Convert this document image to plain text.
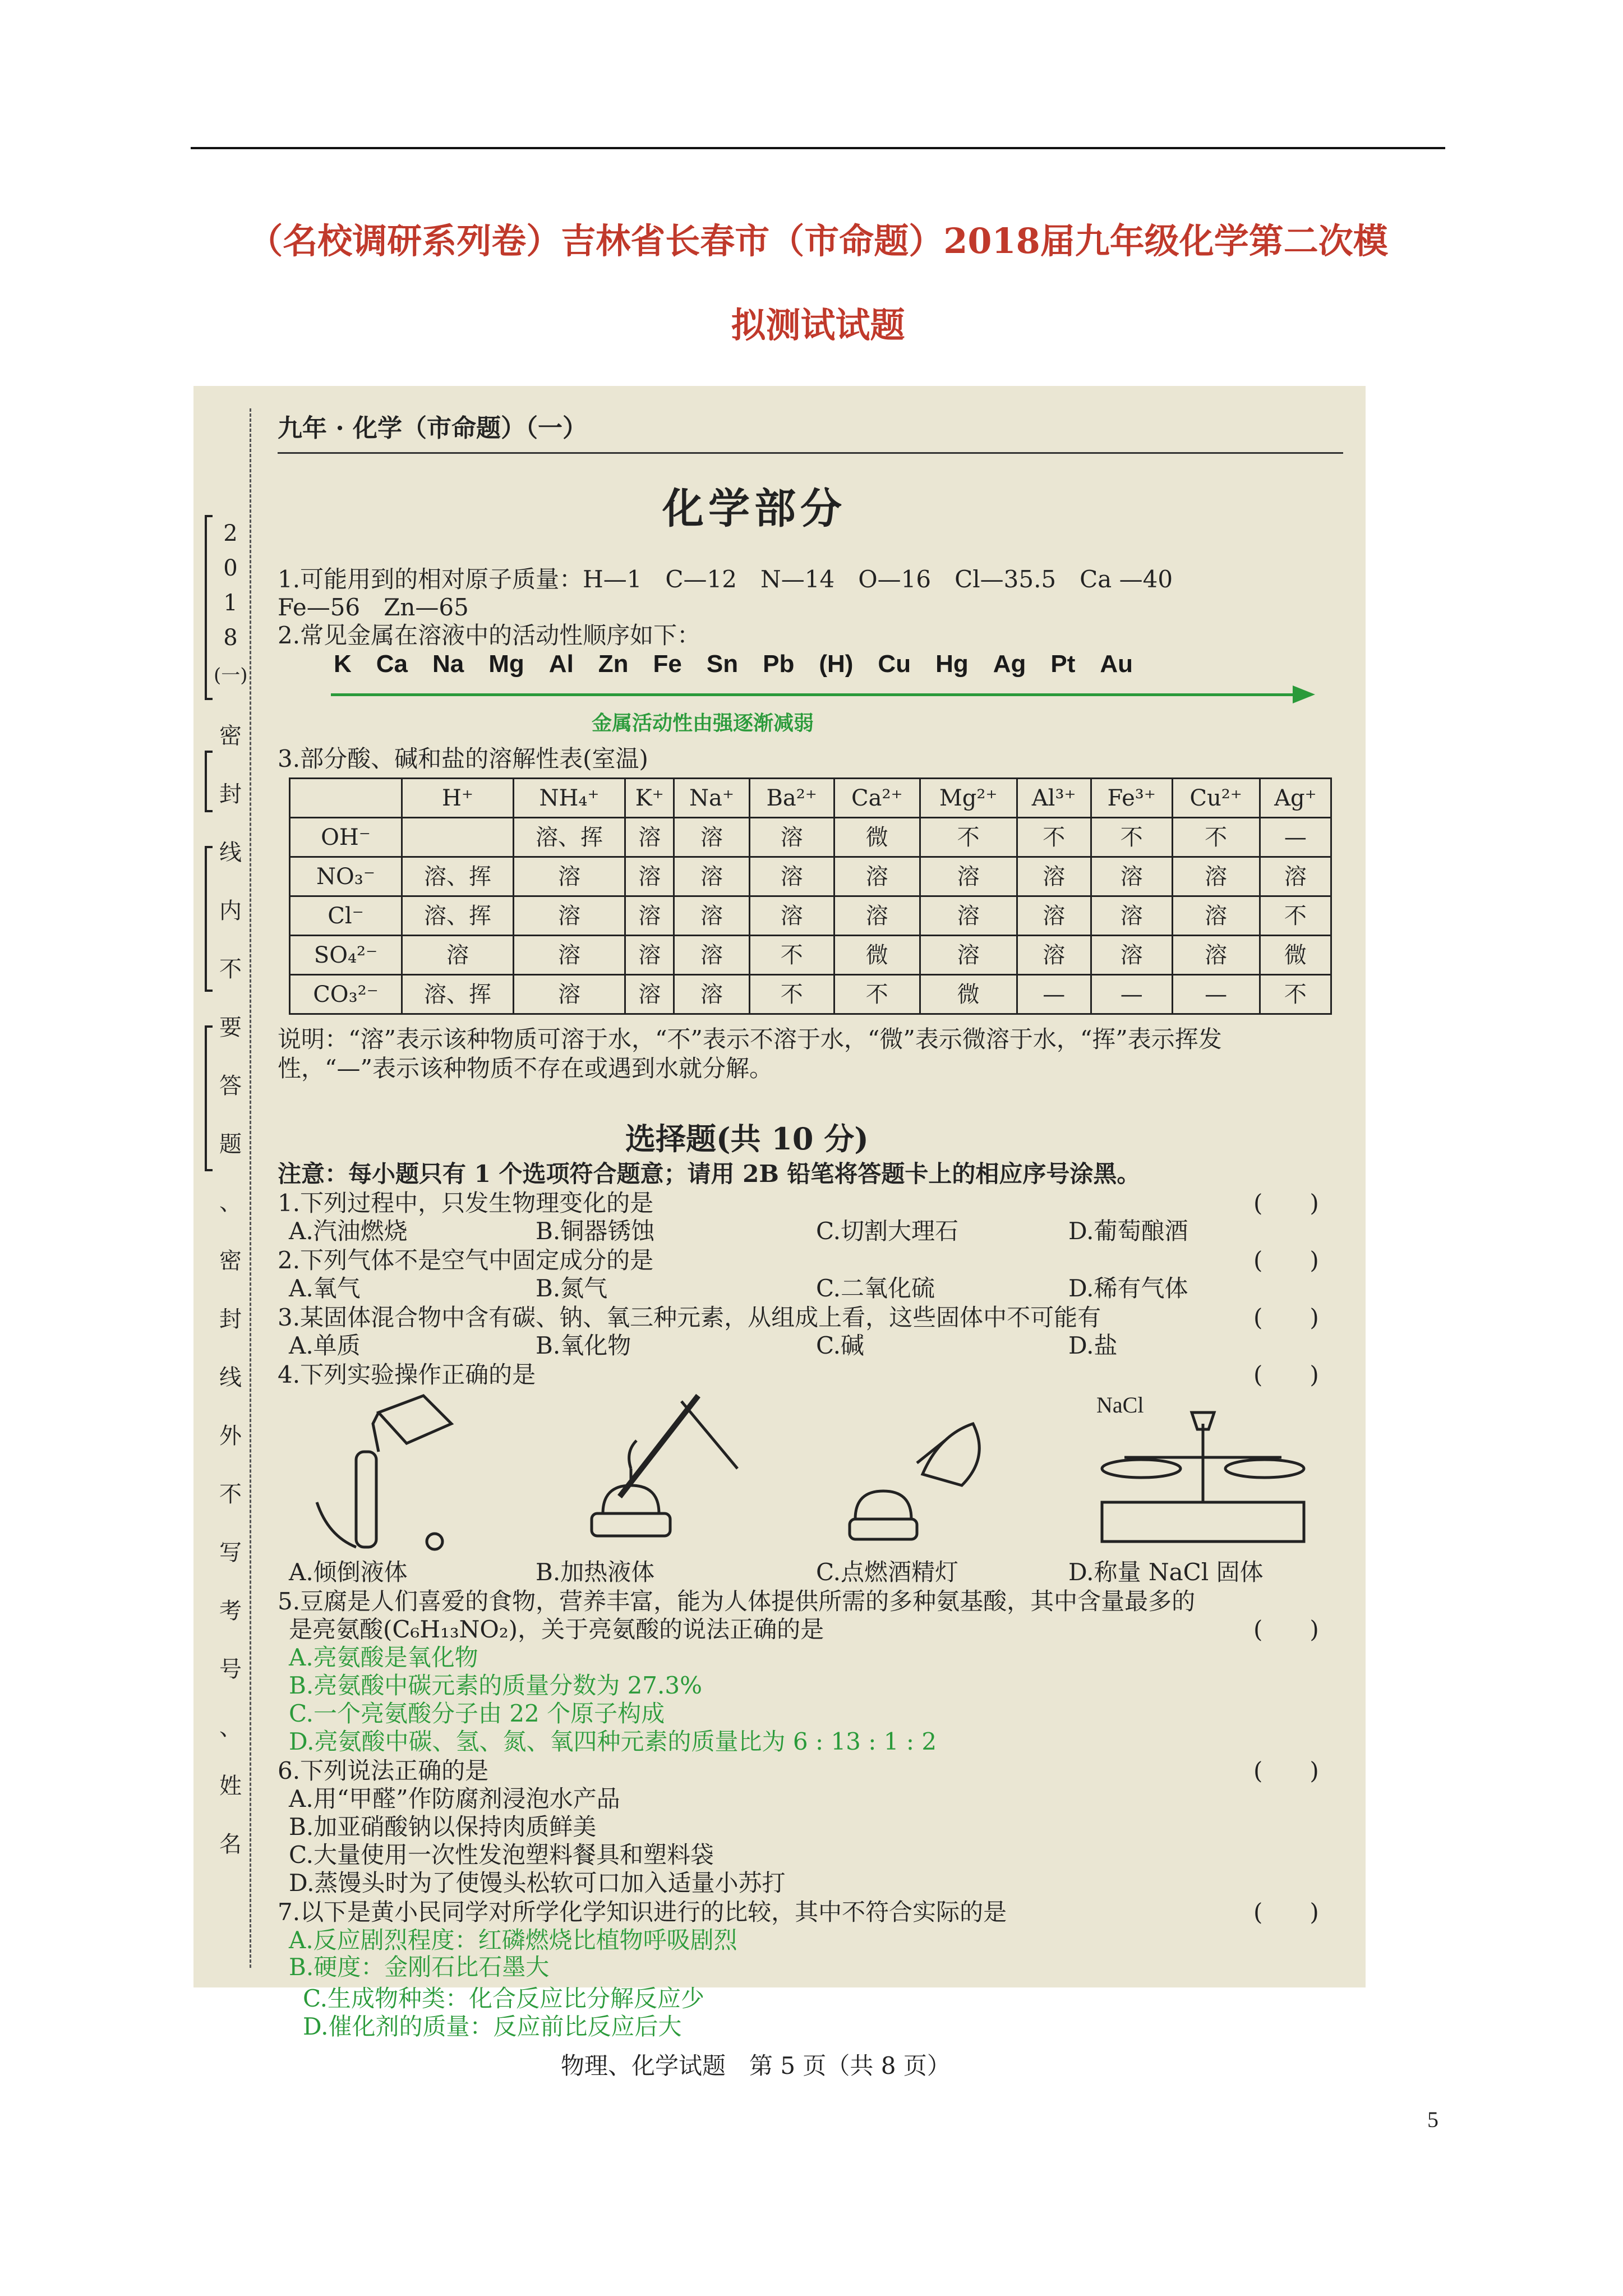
（名校调研系列卷）吉林省长春市（市命题）2018届九年级化学第二次模
拟测试试题

2
0
1
8
(一)
密
封
线
内
不
要
答
题
、
密
封
线
外
不
写
考
号
、
姓
名
九年 · 化学（市命题）（一）
化学部分
1.可能用到的相对原子质量：H—1　C—12　N—14　O—16　Cl—35.5　Ca —40
Fe—56　Zn—65
2.常见金属在溶液中的活动性顺序如下：
K　Ca　Na　Mg　Al　Zn　Fe　Sn　Pb　(H)　Cu　Hg　Ag　Pt　Au
金属活动性由强逐渐减弱
3.部分酸、碱和盐的溶解性表(室温)
	H⁺	NH₄⁺	K⁺	Na⁺	Ba²⁺	Ca²⁺	Mg²⁺	Al³⁺	Fe³⁺	Cu²⁺	Ag⁺
OH⁻		溶、挥	溶	溶	溶	微	不	不	不	不	—
NO₃⁻	溶、挥	溶	溶	溶	溶	溶	溶	溶	溶	溶	溶
Cl⁻	溶、挥	溶	溶	溶	溶	溶	溶	溶	溶	溶	不
SO₄²⁻	溶	溶	溶	溶	不	微	溶	溶	溶	溶	微
CO₃²⁻	溶、挥	溶	溶	溶	不	不	微	—	—	—	不
说明：“溶”表示该种物质可溶于水，“不”表示不溶于水，“微”表示微溶于水，“挥”表示挥发
性，“—”表示该种物质不存在或遇到水就分解。
选择题(共 10 分)
注意：每小题只有 1 个选项符合题意；请用 2B 铅笔将答题卡上的相应序号涂黑。
1.下列过程中，只发生物理变化的是	(　　)
A.汽油燃烧	B.铜器锈蚀	C.切割大理石	D.葡萄酿酒
2.下列气体不是空气中固定成分的是	(　　)
A.氧气	B.氮气	C.二氧化硫	D.稀有气体
3.某固体混合物中含有碳、钠、氧三种元素，从组成上看，这些固体中不可能有	(　　)
A.单质	B.氧化物	C.碱	D.盐
4.下列实验操作正确的是	(　　)
NaCl
A.倾倒液体	B.加热液体	C.点燃酒精灯	D.称量 NaCl 固体
5.豆腐是人们喜爱的食物，营养丰富，能为人体提供所需的多种氨基酸，其中含量最多的
是亮氨酸(C₆H₁₃NO₂)，关于亮氨酸的说法正确的是	(　　)
A.亮氨酸是氧化物
B.亮氨酸中碳元素的质量分数为 27.3%
C.一个亮氨酸分子由 22 个原子构成
D.亮氨酸中碳、氢、氮、氧四种元素的质量比为 6 : 13 : 1 : 2
6.下列说法正确的是	(　　)
A.用“甲醛”作防腐剂浸泡水产品
B.加亚硝酸钠以保持肉质鲜美
C.大量使用一次性发泡塑料餐具和塑料袋
D.蒸馒头时为了使馒头松软可口加入适量小苏打
7.以下是黄小民同学对所学化学知识进行的比较，其中不符合实际的是	(　　)
A.反应剧烈程度：红磷燃烧比植物呼吸剧烈
B.硬度：金刚石比石墨大
C.生成物种类：化合反应比分解反应少
D.催化剂的质量：反应前比反应后大
物理、化学试题　第 5 页（共 8 页）
5
